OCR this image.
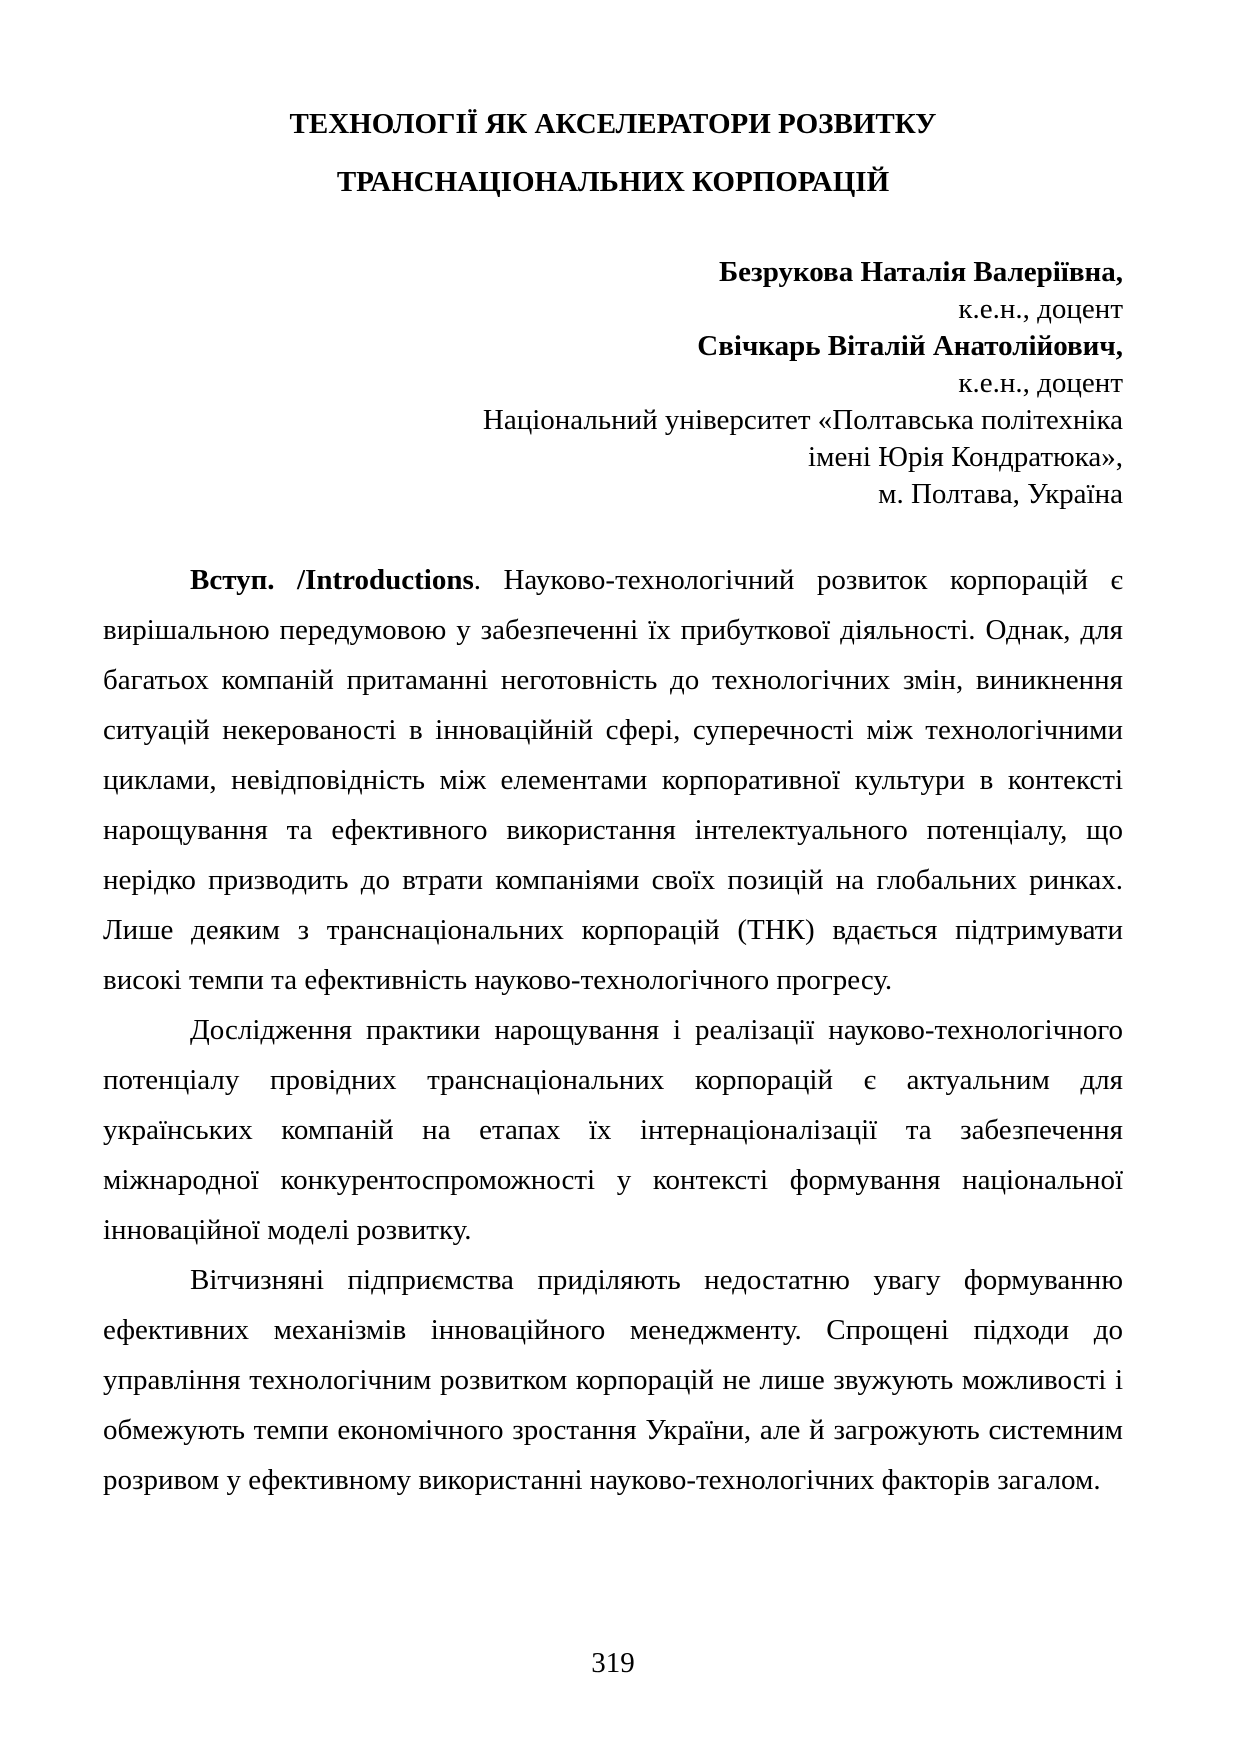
ТЕХНОЛОГІЇ ЯК АКСЕЛЕРАТОРИ РОЗВИТКУ
ТРАНСНАЦІОНАЛЬНИХ КОРПОРАЦІЙ
Безрукова Наталія Валеріївна,
к.е.н., доцент
Свічкарь Віталій Анатолійович,
к.е.н., доцент
Національний університет «Полтавська політехніка
імені Юрія Кондратюка»,
м. Полтава, Україна

Вступ. /Introductions. Науково-технологічний розвиток корпорацій є вирішальною передумовою у забезпеченні їх прибуткової діяльності. Однак, для багатьох компаній притаманні неготовність до технологічних змін, виникнення ситуацій некерованості в інноваційній сфері, суперечності між технологічними циклами, невідповідність між елементами корпоративної культури в контексті нарощування та ефективного використання інтелектуального потенціалу, що нерідко призводить до втрати компаніями своїх позицій на глобальних ринках. Лише деяким з транснаціональних корпорацій (ТНК) вдається підтримувати високі темпи та ефективність науково-технологічного прогресу.

Дослідження практики нарощування і реалізації науково-технологічного потенціалу провідних транснаціональних корпорацій є актуальним для українських компаній на етапах їх інтернаціоналізації та забезпечення міжнародної конкурентоспроможності у контексті формування національної інноваційної моделі розвитку.

Вітчизняні підприємства приділяють недостатню увагу формуванню ефективних механізмів інноваційного менеджменту. Спрощені підходи до управління технологічним розвитком корпорацій не лише звужують можливості і обмежують темпи економічного зростання України, але й загрожують системним розривом у ефективному використанні науково-технологічних факторів загалом.

319
